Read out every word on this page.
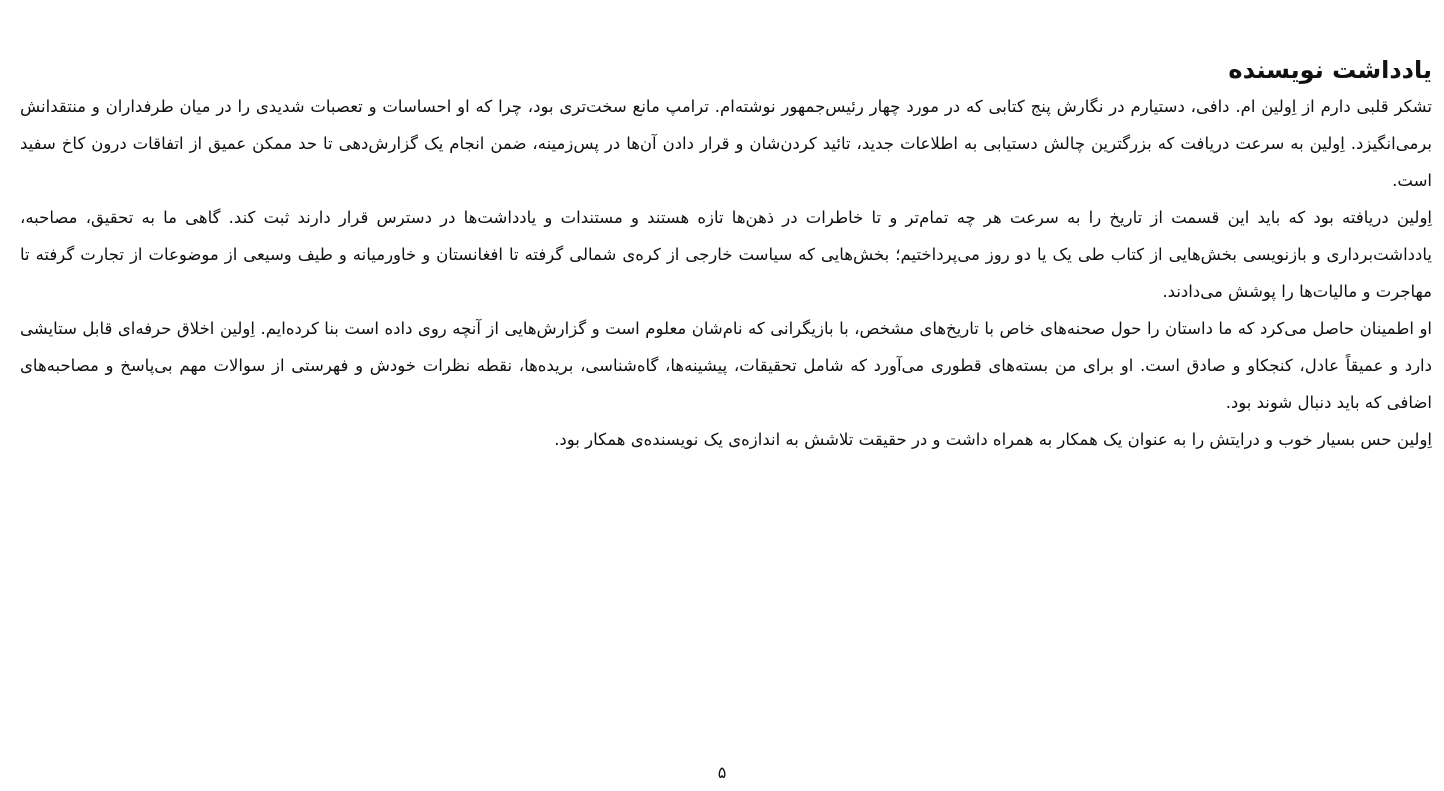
یادداشت نویسنده

تشکر قلبی دارم از اِولین ام. دافی، دستیارم در نگارش پنج کتابی که در مورد چهار رئیس‌جمهور نوشته‌ام. ترامپ مانع سخت‌تری بود، چرا که او احساسات و تعصبات شدیدی را در میان طرفداران و منتقدانش برمی‌انگیزد. اِولین به سرعت دریافت که بزرگترین چالش دستیابی به اطلاعات جدید، تائید کردن‌شان و قرار دادن آن‌ها در پس‌زمینه، ضمن انجام یک گزارش‌دهی تا حد ممکن عمیق از اتفاقات درون کاخ سفید است.

اِولین دریافته بود که باید این قسمت از تاریخ را به سرعت هر چه تمام‌تر و تا خاطرات در ذهن‌ها تازه هستند و مستندات و یادداشت‌ها در دسترس قرار دارند ثبت کند. گاهی ما به تحقیق، مصاحبه، یادداشت‌برداری و بازنویسی بخش‌هایی از کتاب طی یک یا دو روز می‌پرداختیم؛ بخش‌هایی که سیاست خارجی از کره‌ی شمالی گرفته تا افغانستان و خاورمیانه و طیف وسیعی از موضوعات از تجارت گرفته تا مهاجرت و مالیات‌ها را پوشش می‌دادند.

او اطمینان حاصل می‌کرد که ما داستان را حول صحنه‌های خاص با تاریخ‌های مشخص، با بازیگرانی که نام‌شان معلوم است و گزارش‌هایی از آنچه روی داده است بنا کرده‌ایم. اِولین اخلاق حرفه‌ای قابل ستایشی دارد و عمیقاً عادل، کنجکاو و صادق است. او برای من بسته‌های قطوری می‌آورد که شامل تحقیقات، پیشینه‌ها، گاه‌شناسی، بریده‌ها، نقطه نظرات خودش و فهرستی از سوالات مهم بی‌پاسخ و مصاحبه‌های اضافی که باید دنبال شوند بود.

اِولین حس بسیار خوب و درایتش را به عنوان یک همکار به همراه داشت و در حقیقت تلاشش به اندازه‌ی یک نویسنده‌ی همکار بود.

۵
